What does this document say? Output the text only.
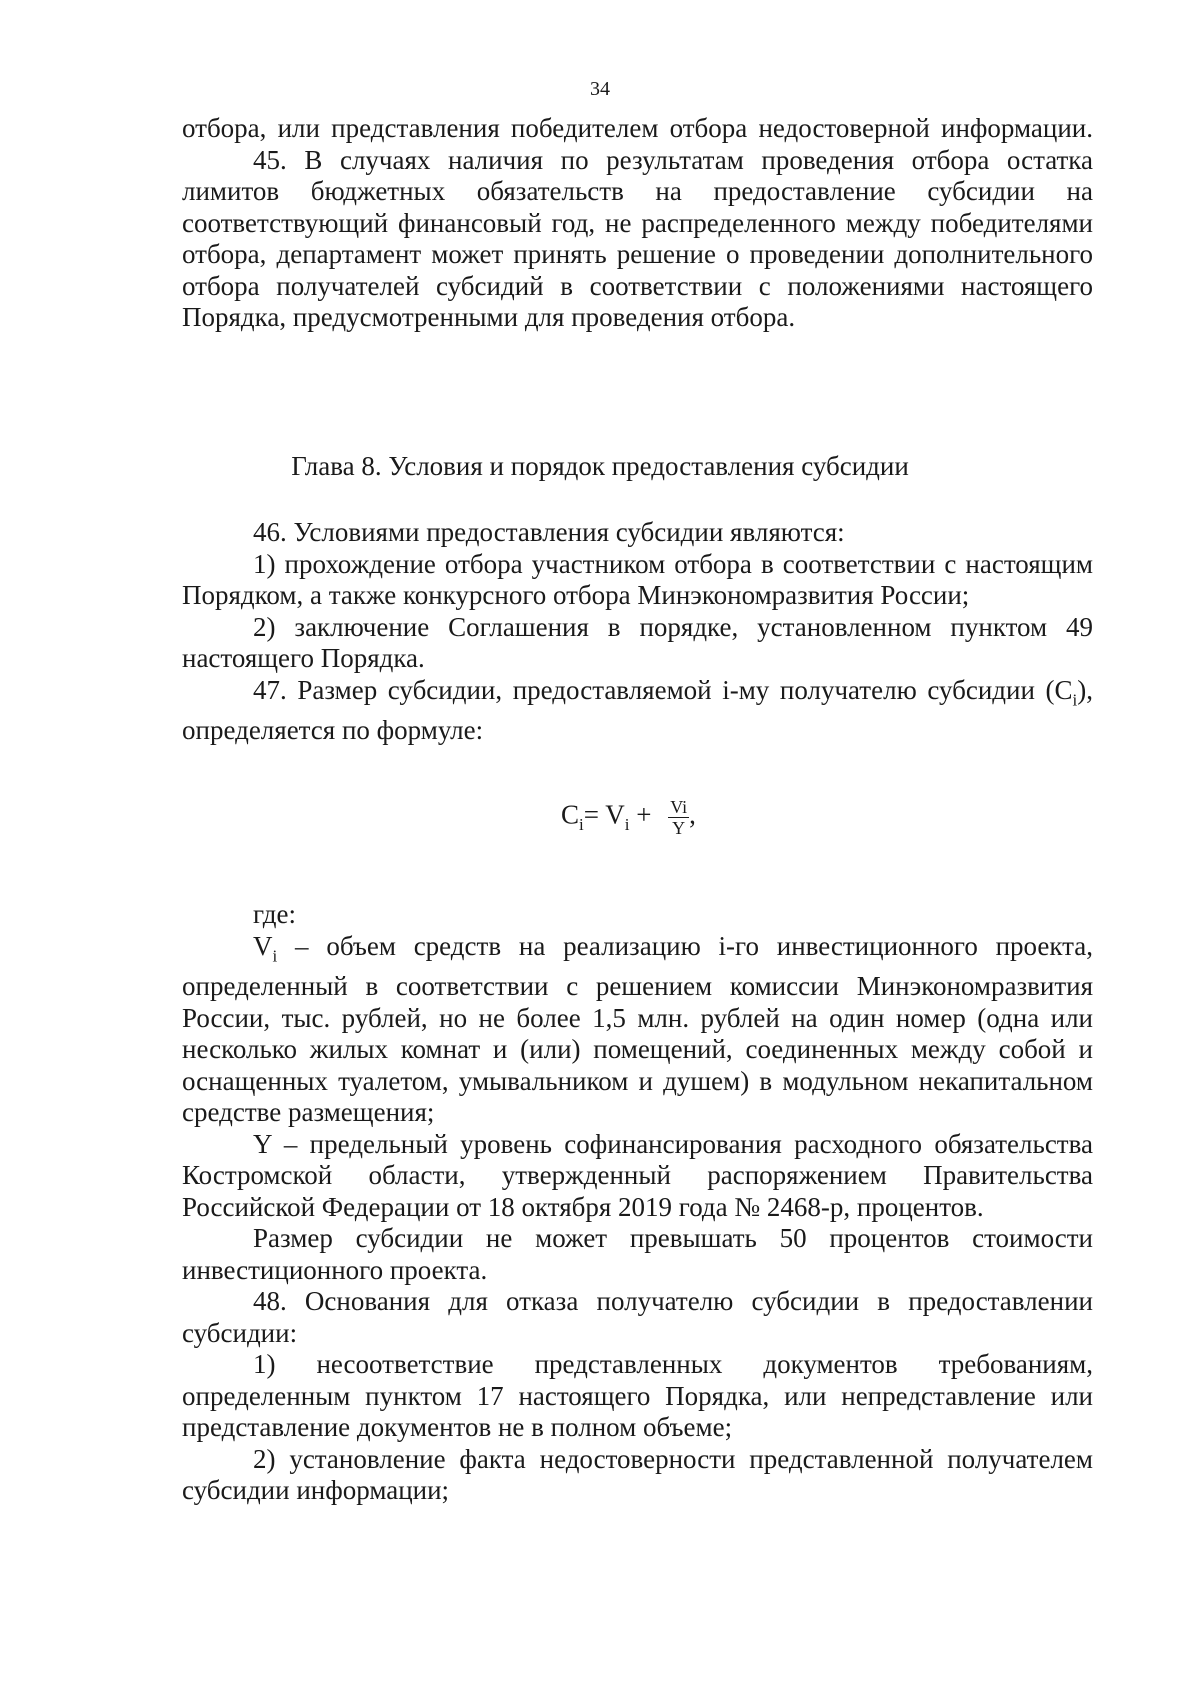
34

отбора, или представления победителем отбора недостоверной информации.

45. В случаях наличия по результатам проведения отбора остатка лимитов бюджетных обязательств на предоставление субсидии на соответствующий финансовый год, не распределенного между победителями отбора, департамент может принять решение о проведении дополнительного отбора получателей субсидий в соответствии с положениями настоящего Порядка, предусмотренными для проведения отбора.

Глава 8. Условия и порядок предоставления субсидии

46. Условиями предоставления субсидии являются:

1) прохождение отбора участником отбора в соответствии с настоящим Порядком, а также конкурсного отбора Минэкономразвития России;

2) заключение Соглашения в порядке, установленном пунктом 49 настоящего Порядка.

47. Размер субсидии, предоставляемой i-му получателю субсидии $(C_i)$, определяется по формуле:

$C_i= V_i + \frac{Vi}{Y}$ ,

где:

$V_i$ – объем средств на реализацию i-го инвестиционного проекта, определенный в соответствии с решением комиссии Минэкономразвития России, тыс. рублей, но не более 1,5 млн. рублей на один номер (одна или несколько жилых комнат и (или) помещений, соединенных между собой и оснащенных туалетом, умывальником и душем) в модульном некапитальном средстве размещения;

Y – предельный уровень софинансирования расходного обязательства Костромской области, утвержденный распоряжением Правительства Российской Федерации от 18 октября 2019 года № 2468-р, процентов.

Размер субсидии не может превышать 50 процентов стоимости инвестиционного проекта.

48. Основания для отказа получателю субсидии в предоставлении субсидии:

1) несоответствие представленных документов требованиям, определенным пунктом 17 настоящего Порядка, или непредставление или представление документов не в полном объеме;

2) установление факта недостоверности представленной получателем субсидии информации;
